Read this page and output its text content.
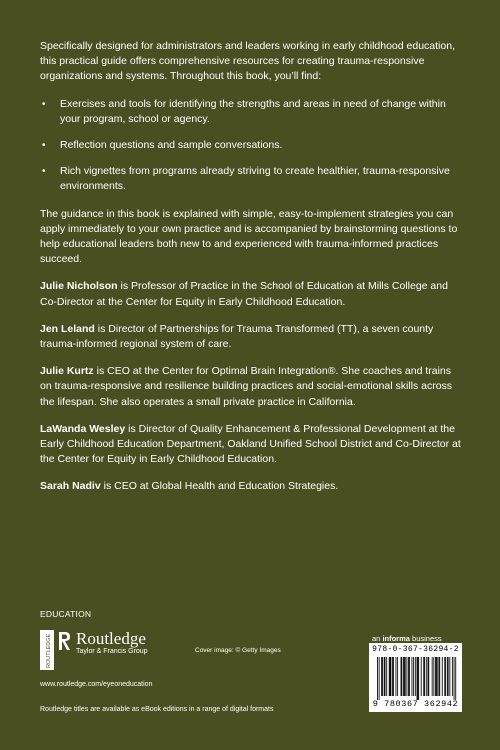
Specifically designed for administrators and leaders working in early childhood education, this practical guide offers comprehensive resources for creating trauma-responsive organizations and systems. Throughout this book, you’ll find:

• Exercises and tools for identifying the strengths and areas in need of change within your program, school or agency.
• Reflection questions and sample conversations.
• Rich vignettes from programs already striving to create healthier, trauma-responsive environments.

The guidance in this book is explained with simple, easy-to-implement strategies you can apply immediately to your own practice and is accompanied by brainstorming questions to help educational leaders both new to and experienced with trauma-informed practices succeed.

Julie Nicholson is Professor of Practice in the School of Education at Mills College and Co-Director at the Center for Equity in Early Childhood Education.

Jen Leland is Director of Partnerships for Trauma Transformed (TT), a seven county trauma-informed regional system of care.

Julie Kurtz is CEO at the Center for Optimal Brain Integration®. She coaches and trains on trauma-responsive and resilience building practices and social-emotional skills across the lifespan. She also operates a small private practice in California.

LaWanda Wesley is Director of Quality Enhancement & Professional Development at the Early Childhood Education Department, Oakland Unified School District and Co-Director at the Center for Equity in Early Childhood Education.

Sarah Nadiv is CEO at Global Health and Education Strategies.

EDUCATION
ROUTLEDGE Routledge
Taylor & Francis Group	Cover image: © Getty Images
www.routledge.com/eyeoneducation
an informa business
Routledge titles are available as eBook editions in a range of digital formats
978-0-367-36294-2
9 780367 362942
